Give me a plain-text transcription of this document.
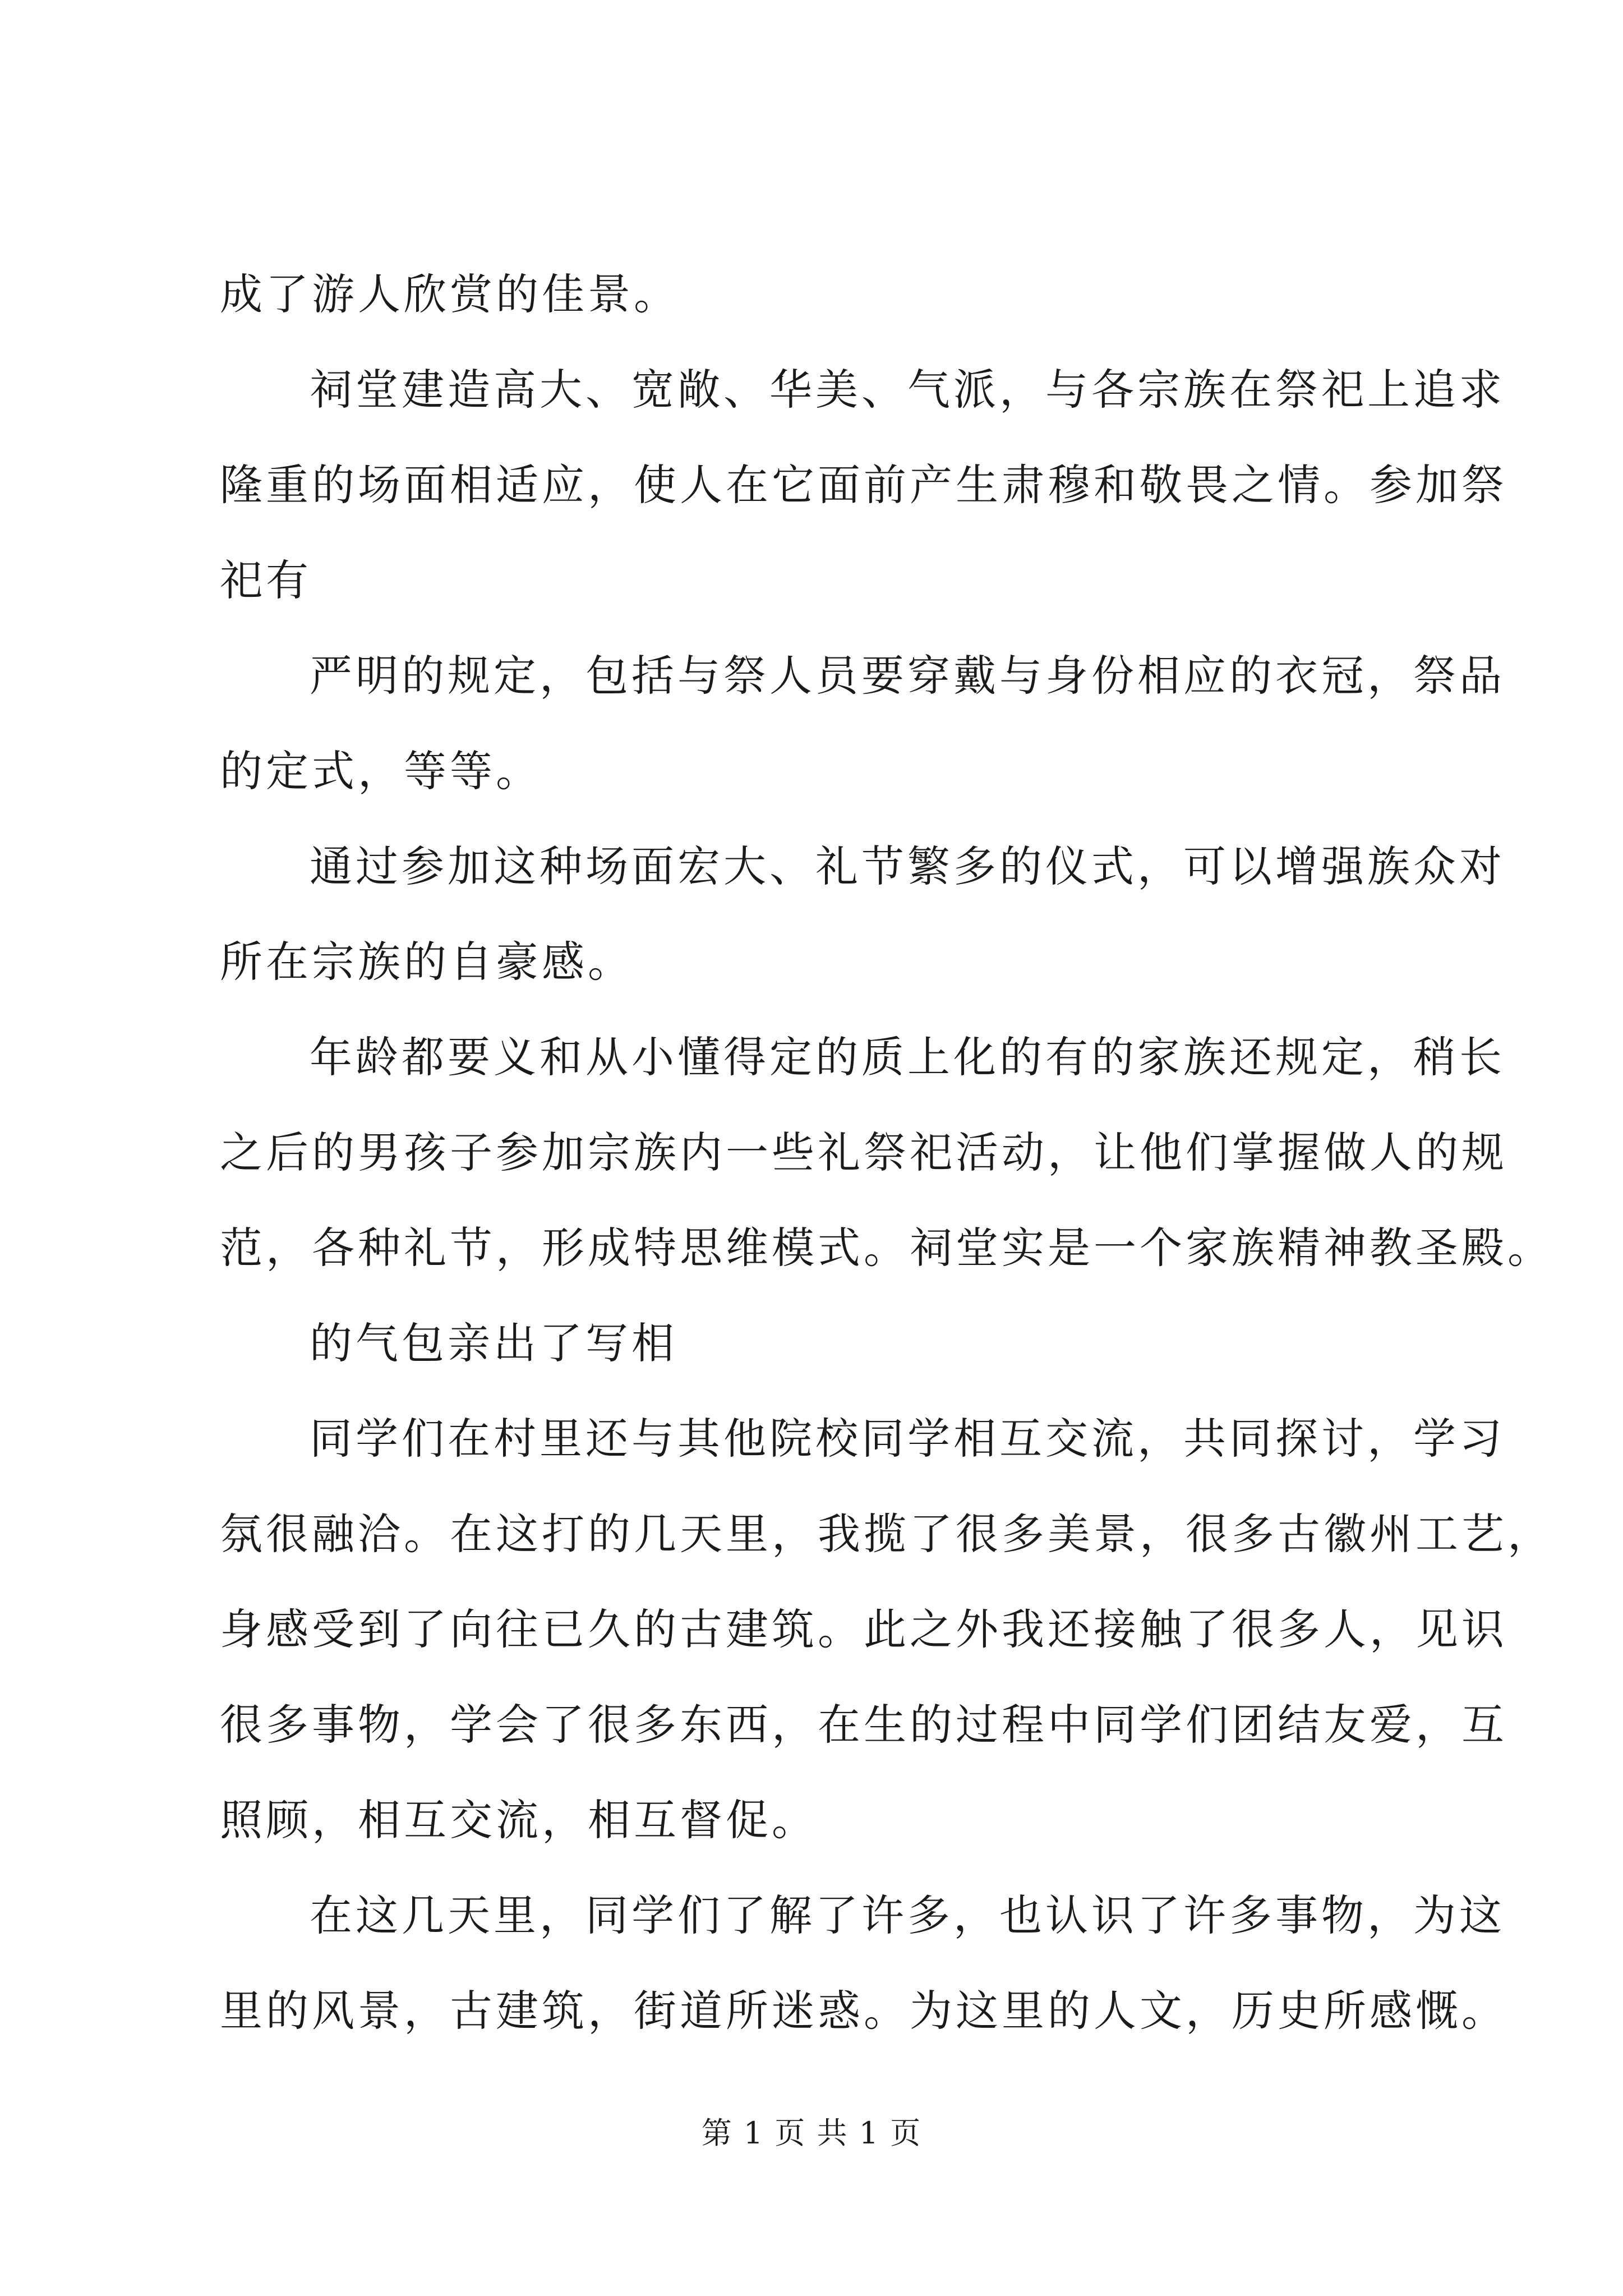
成了游人欣赏的佳景。
祠堂建造高大、宽敞、华美、气派，与各宗族在祭祀上追求
隆重的场面相适应，使人在它面前产生肃穆和敬畏之情。参加祭
祀有
严明的规定，包括与祭人员要穿戴与身份相应的衣冠，祭品
的定式，等等。
通过参加这种场面宏大、礼节繁多的仪式，可以增强族众对
所在宗族的自豪感。
年龄都要义和从小懂得定的质上化的有的家族还规定，稍长
之后的男孩子参加宗族内一些礼祭祀活动，让他们掌握做人的规
范，各种礼节，形成特思维模式。祠堂实是一个家族精神教圣殿。
的气包亲出了写相
同学们在村里还与其他院校同学相互交流，共同探讨，学习
氛很融洽。在这打的几天里，我揽了很多美景，很多古徽州工艺，
身感受到了向往已久的古建筑。此之外我还接触了很多人，见识
很多事物，学会了很多东西，在生的过程中同学们团结友爱，互
照顾，相互交流，相互督促。
在这几天里，同学们了解了许多，也认识了许多事物，为这
里的风景，古建筑，街道所迷惑。为这里的人文，历史所感慨。
第 1 页 共 1 页
